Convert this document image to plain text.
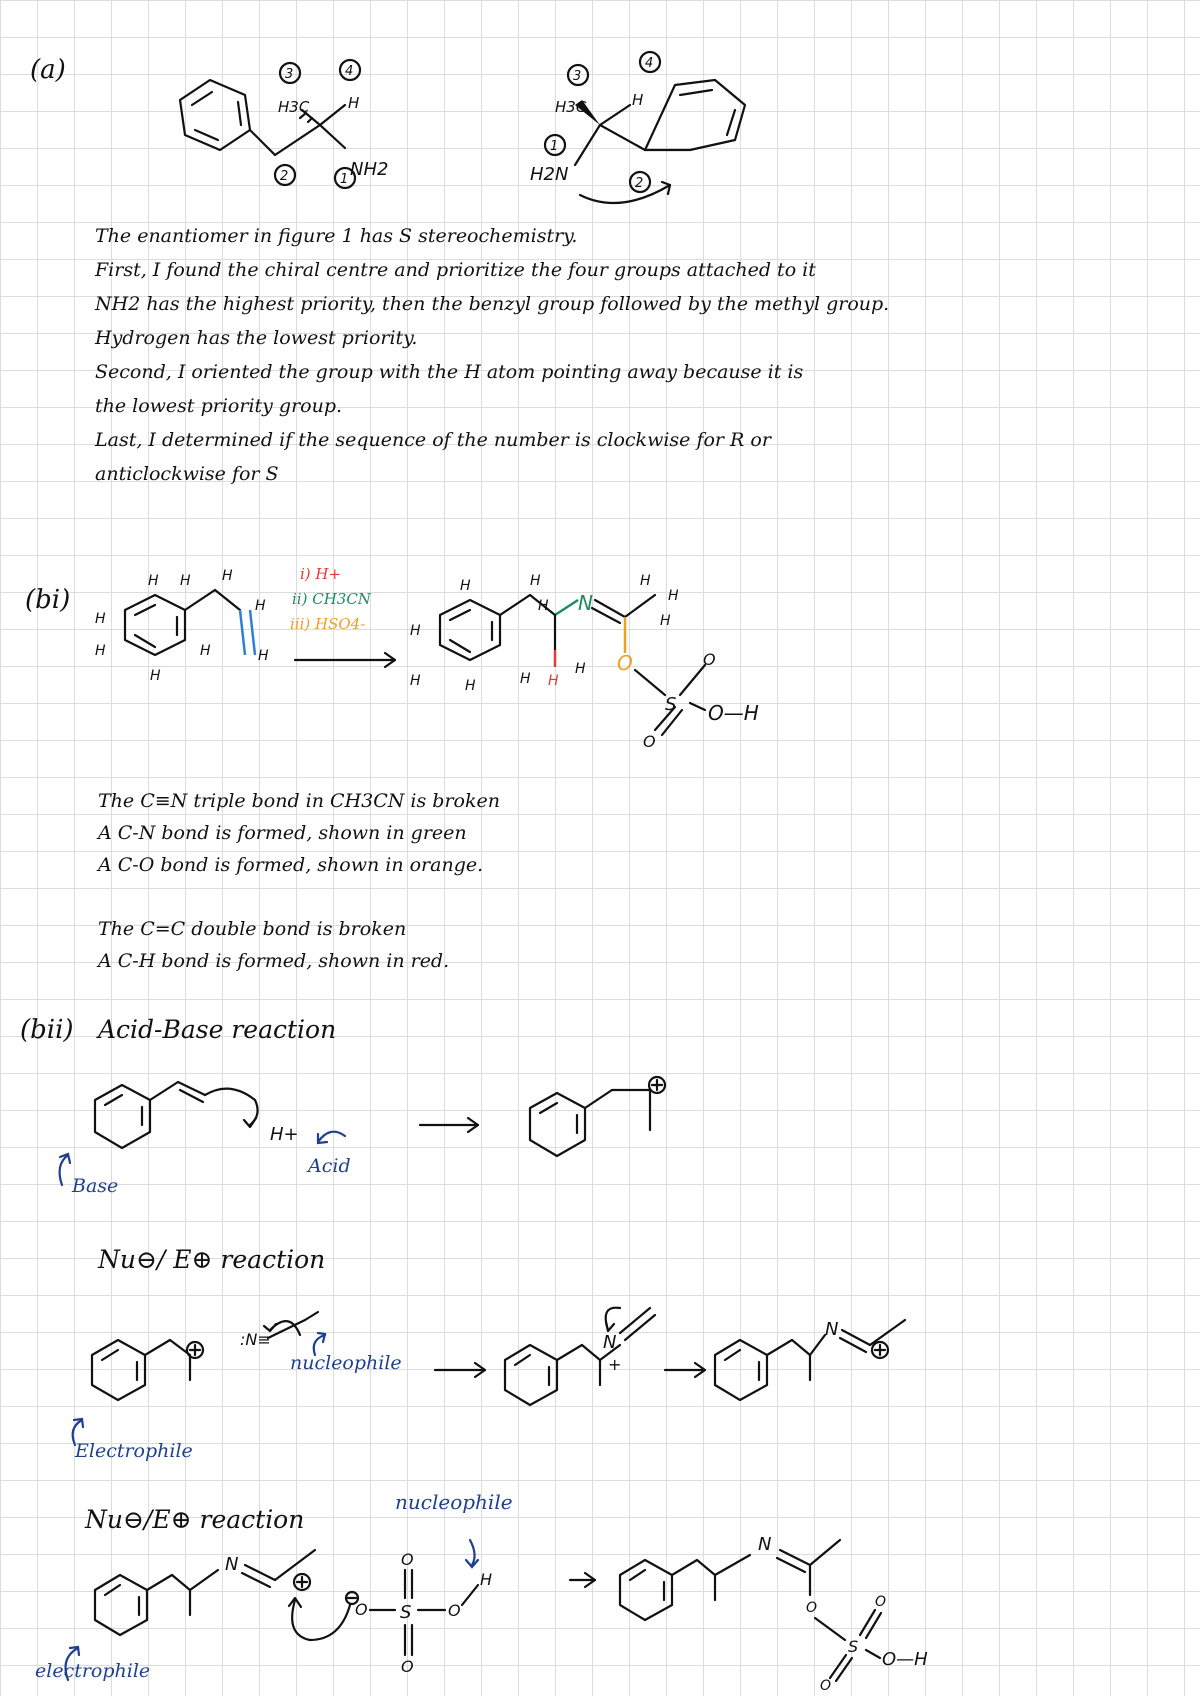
(a)	3	4
2	1
H3C	H
NH2
3
4
1
2
H3C	H
H2N
The enantiomer in figure 1 has S stereochemistry.
First, I found the chiral centre and prioritize the four groups attached to it
NH2 has the highest priority, then the benzyl group followed by the methyl group.
Hydrogen has the lowest priority.
Second, I oriented the group with the H atom pointing away because it is
the lowest priority group.
Last, I determined if the sequence of the number is clockwise for R or
anticlockwise for S
(bi)
H H H
H
H
H
H
H	H
N
O
S
O
O
O—H
H	H
H
H
H	H	H H
H
H
H
H
i) H+
ii) CH3CN
iii) HSO4-
The C≡N triple bond in CH3CN is broken
A C-N bond is formed, shown in green
A C-O bond is formed, shown in orange.
The C=C double bond is broken
A C-H bond is formed, shown in red.
(bii) Acid-Base reaction
H+
Base
Acid
Nu⊖/ E⊕ reaction
:N≡	N
+
N
nucleophile
Electrophile
Nu⊖/E⊕ reaction
nucleophile
N
O S
O
O
O
H
N
O
S
O
O
O—H
electrophile
